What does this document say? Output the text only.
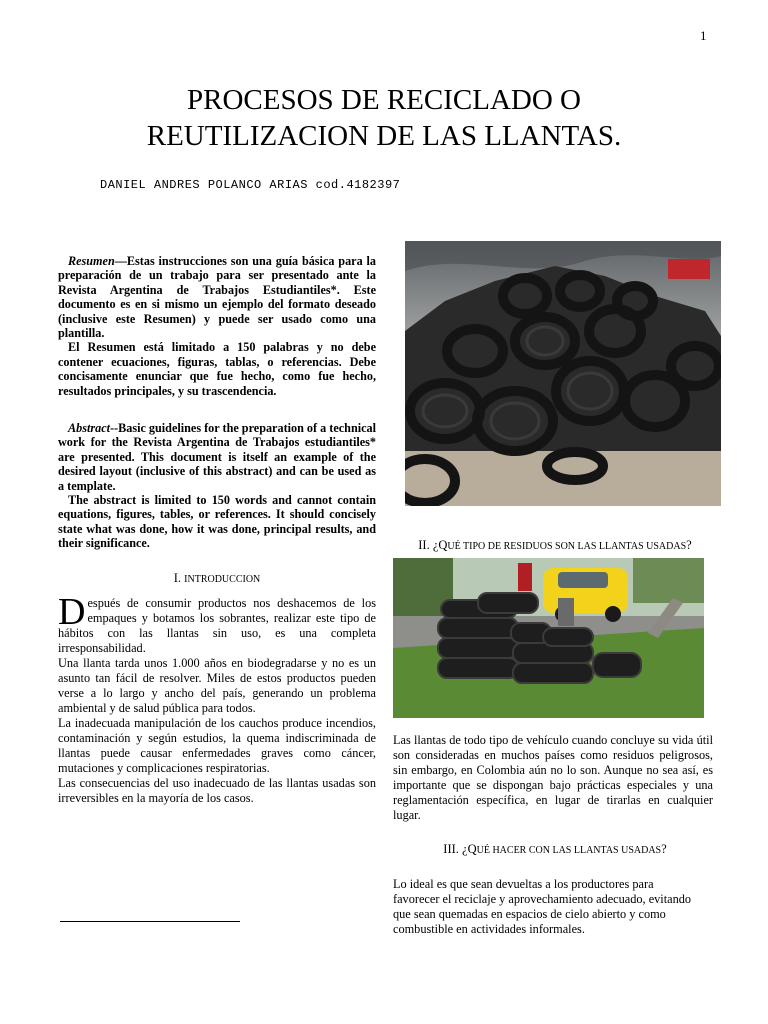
1
PROCESOS DE RECICLADO O
REUTILIZACION DE LAS LLANTAS.
DANIEL ANDRES POLANCO ARIAS cod.4182397

Resumen—Estas instrucciones son una guía básica para la preparación de un trabajo para ser presentado ante la Revista Argentina de Trabajos Estudiantiles*. Este documento es en si mismo un ejemplo del formato deseado (inclusive este Resumen) y puede ser usado como una plantilla.

El Resumen está limitado a 150 palabras y no debe contener ecuaciones, figuras, tablas, o referencias. Debe concisamente enunciar que fue hecho, como fue hecho, resultados principales, y su trascendencia.

Abstract--Basic guidelines for the preparation of a technical work for the Revista Argentina de Trabajos estudiantiles* are presented. This document is itself an example of the desired layout (inclusive of this abstract) and can be used as a template.

The abstract is limited to 150 words and cannot contain equations, figures, tables, or references. It should concisely state what was done, how it was done, principal results, and their significance.

I. INTRODUCCION

Después de consumir productos nos deshacemos de los empaques y botamos los sobrantes, realizar este tipo de hábitos con las llantas sin uso, es una completa irresponsabilidad.

Una llanta tarda unos 1.000 años en biodegradarse y no es un asunto tan fácil de resolver. Miles de estos productos pueden verse a lo largo y ancho del país, generando un problema ambiental y de salud pública para todos.

La inadecuada manipulación de los cauchos produce incendios, contaminación y según estudios, la quema indiscriminada de llantas puede causar enfermedades graves como cáncer, mutaciones y complicaciones respiratorias.

Las consecuencias del uso inadecuado de las llantas usadas son irreversibles en la mayoría de los casos.

II. ¿QUÉ TIPO DE RESIDUOS SON LAS LLANTAS USADAS?

Las llantas de todo tipo de vehículo cuando concluye su vida útil son consideradas en muchos países como residuos peligrosos, sin embargo, en Colombia aún no lo son. Aunque no sea así, es importante que se dispongan bajo prácticas especiales y una reglamentación específica, en lugar de tirarlas en cualquier lugar.

III. ¿QUÉ HACER CON LAS LLANTAS USADAS?

Lo ideal es que sean devueltas a los productores para favorecer el reciclaje y aprovechamiento adecuado, evitando que sean quemadas en espacios de cielo abierto y como combustible en actividades informales.
